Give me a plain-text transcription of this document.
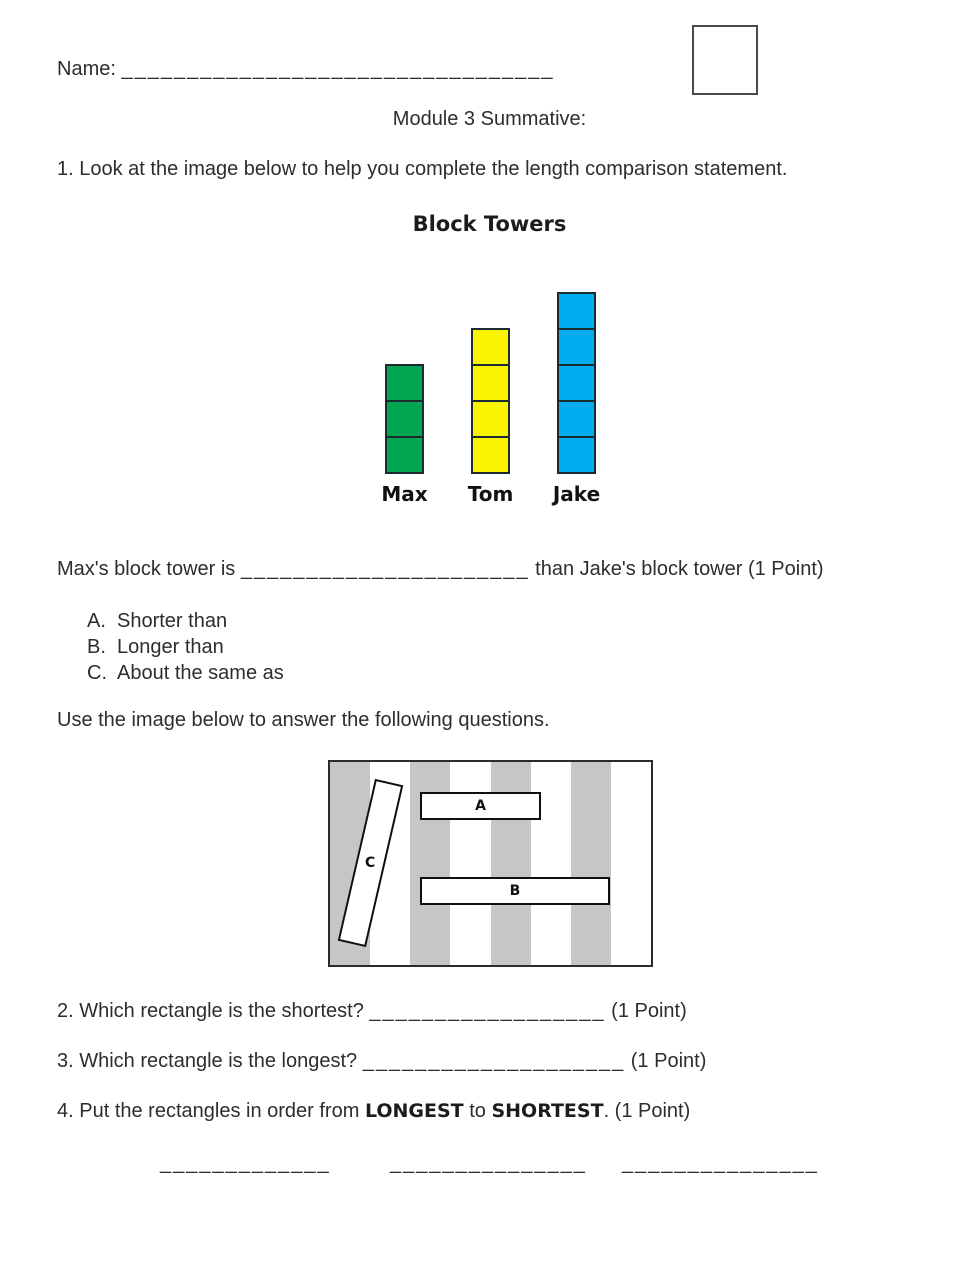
Name: _________________________________
Module 3 Summative:
1. Look at the image below to help you complete the length comparison statement.
Block Towers
Max Tom Jake
Max's block tower is ______________________ than Jake's block tower (1 Point)
A. Shorter than
B. Longer than
C. About the same as
Use the image below to answer the following questions.
A
B
C
2. Which rectangle is the shortest? __________________ (1 Point)
3. Which rectangle is the longest? ____________________ (1 Point)
4. Put the rectangles in order from LONGEST to SHORTEST. (1 Point)
_____________	_______________ _______________
